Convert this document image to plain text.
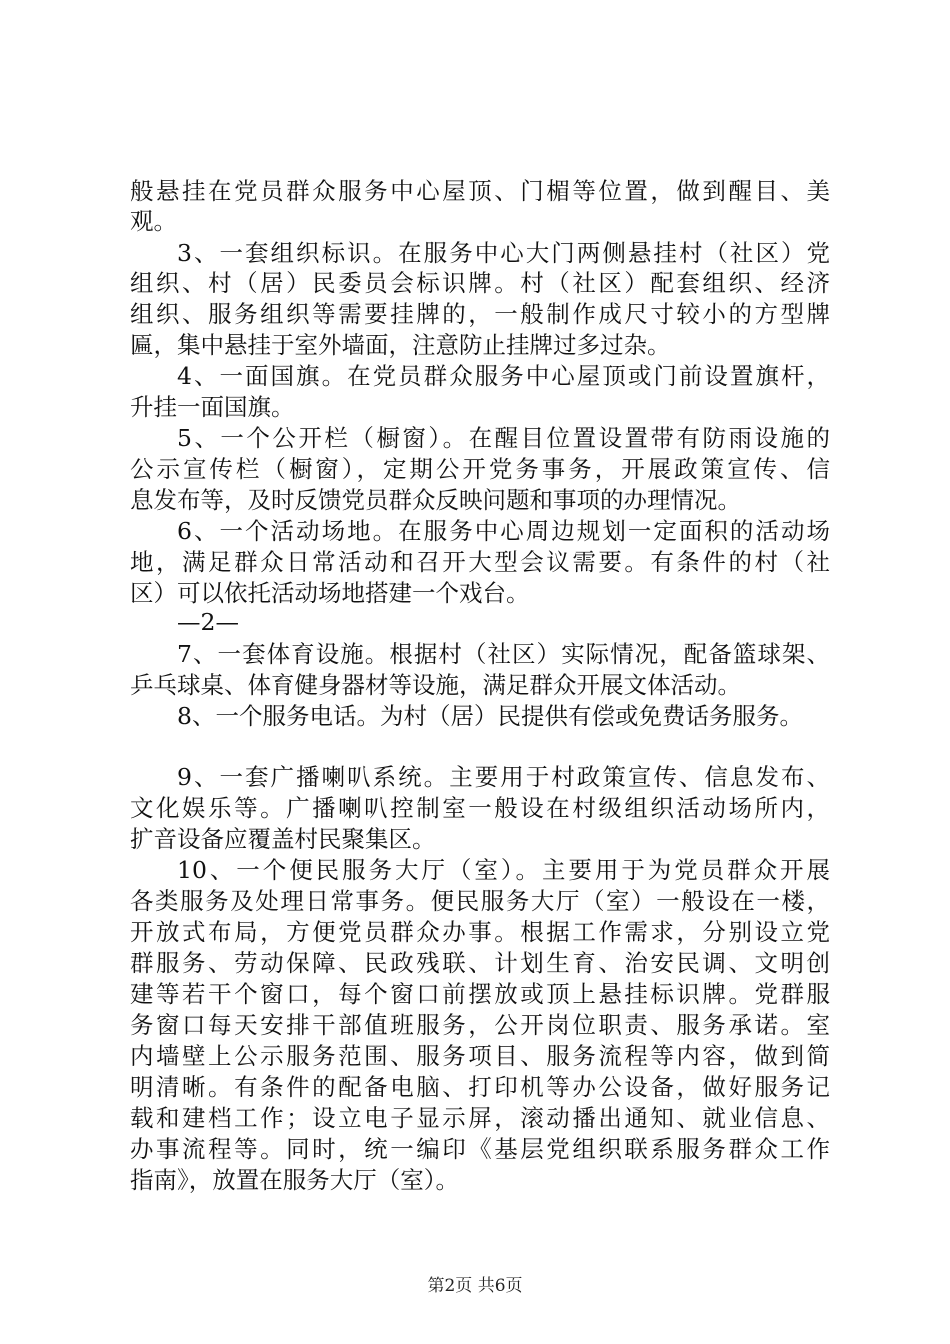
般悬挂在党员群众服务中心屋顶、门楣等位置，做到醒目、美
观。
3、一套组织标识。在服务中心大门两侧悬挂村（社区）党
组织、村（居）民委员会标识牌。村（社区）配套组织、经济
组织、服务组织等需要挂牌的，一般制作成尺寸较小的方型牌
匾，集中悬挂于室外墙面，注意防止挂牌过多过杂。
4、一面国旗。在党员群众服务中心屋顶或门前设置旗杆，
升挂一面国旗。
5、一个公开栏（橱窗）。在醒目位置设置带有防雨设施的
公示宣传栏（橱窗），定期公开党务事务，开展政策宣传、信
息发布等，及时反馈党员群众反映问题和事项的办理情况。
6、一个活动场地。在服务中心周边规划一定面积的活动场
地，满足群众日常活动和召开大型会议需要。有条件的村（社
区）可以依托活动场地搭建一个戏台。
—2—
7、一套体育设施。根据村（社区）实际情况，配备篮球架、
乒乓球桌、体育健身器材等设施，满足群众开展文体活动。
8、一个服务电话。为村（居）民提供有偿或免费话务服务。
9、一套广播喇叭系统。主要用于村政策宣传、信息发布、
文化娱乐等。广播喇叭控制室一般设在村级组织活动场所内，
扩音设备应覆盖村民聚集区。
10、一个便民服务大厅（室）。主要用于为党员群众开展
各类服务及处理日常事务。便民服务大厅（室）一般设在一楼，
开放式布局，方便党员群众办事。根据工作需求，分别设立党
群服务、劳动保障、民政残联、计划生育、治安民调、文明创
建等若干个窗口，每个窗口前摆放或顶上悬挂标识牌。党群服
务窗口每天安排干部值班服务，公开岗位职责、服务承诺。室
内墙壁上公示服务范围、服务项目、服务流程等内容，做到简
明清晰。有条件的配备电脑、打印机等办公设备，做好服务记
载和建档工作；设立电子显示屏，滚动播出通知、就业信息、
办事流程等。同时，统一编印《基层党组织联系服务群众工作
指南》，放置在服务大厅（室）。
第2页 共6页
